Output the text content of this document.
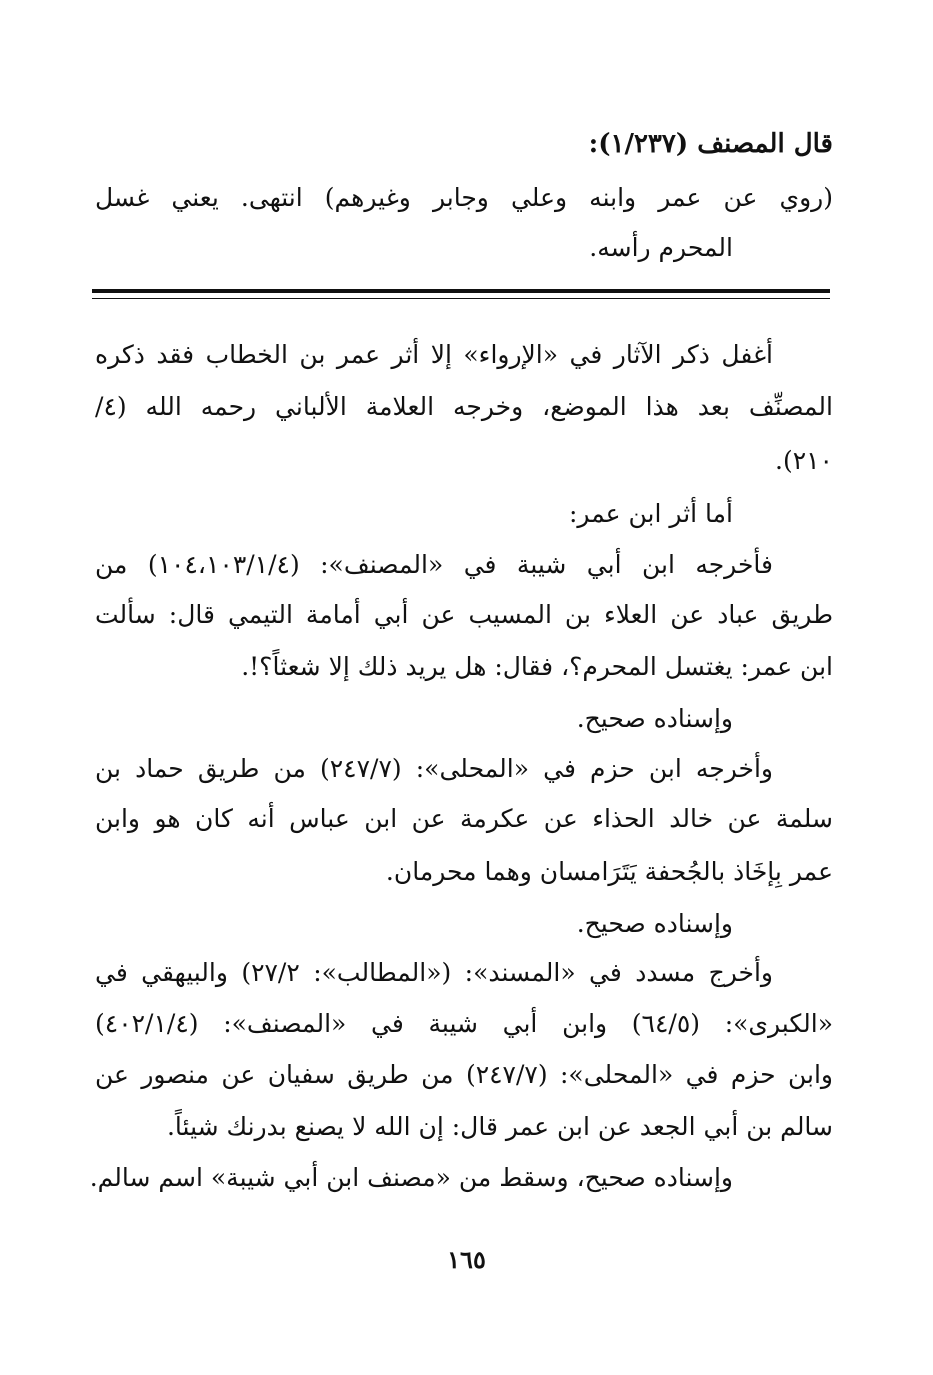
قال المصنف (١/٢٣٧):
(روي عن عمر وابنه وعلي وجابر وغيرهم) انتهى. يعني غسل
المحرم رأسه.
أغفل ذكر الآثار في «الإرواء» إلا أثر عمر بن الخطاب فقد ذكره
المصنِّف بعد هذا الموضع، وخرجه العلامة الألباني رحمه الله (٤/
٢١٠).
أما أثر ابن عمر:
فأخرجه ابن أبي شيبة في «المصنف»: (١٠٤،١٠٣/١/٤) من
طريق عباد عن العلاء بن المسيب عن أبي أمامة التيمي قال: سألت
ابن عمر: يغتسل المحرم؟، فقال: هل يريد ذلك إلا شعثاً؟!.
وإسناده صحيح.
وأخرجه ابن حزم في «المحلى»: (٢٤٧/٧) من طريق حماد بن
سلمة عن خالد الحذاء عن عكرمة عن ابن عباس أنه كان هو وابن
عمر بِإخَاذ بالجُحفة يَتَرَامسان وهما محرمان.
وإسناده صحيح.
وأخرج مسدد في «المسند»: («المطالب»: ٢٧/٢) والبيهقي في
«الكبرى»: (٦٤/٥) وابن أبي شيبة في «المصنف»: (٤٠٢/١/٤)
وابن حزم في «المحلى»: (٢٤٧/٧) من طريق سفيان عن منصور عن
سالم بن أبي الجعد عن ابن عمر قال: إن الله لا يصنع بدرنك شيئاً.
وإسناده صحيح، وسقط من «مصنف ابن أبي شيبة» اسم سالم.
١٦٥
